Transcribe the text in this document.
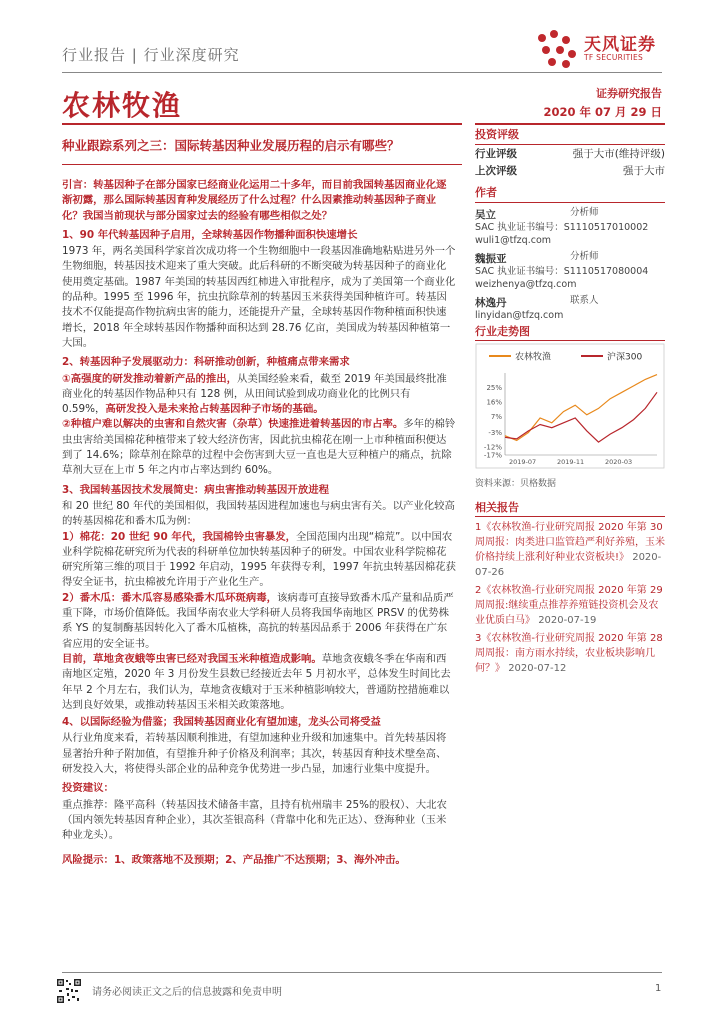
行业报告 | 行业深度研究	天风证券
TF SECURITIES
农林牧渔	证券研究报告
2020 年 07 月 29 日
种业跟踪系列之三：国际转基因种业发展历程的启示有哪些？

引言：转基因种子在部分国家已经商业化运用二十多年，而目前我国转基因商业化逐渐初露，那么国际转基因育种发展经历了什么过程？什么因素推动转基因种子商业化？我国当前现状与部分国家过去的经验有哪些相似之处？

1、90 年代转基因种子启用，全球转基因作物播种面积快速增长

1973 年，两名美国科学家首次成功将一个生物细胞中一段基因准确地粘贴进另外一个生物细胞，转基因技术迎来了重大突破。此后科研的不断突破为转基因种子的商业化使用奠定基础。1987 年美国的转基因西红柿进入审批程序，成为了美国第一个商业化的品种。1995 至 1996 年，抗虫抗除草剂的转基因玉米获得美国种植许可。转基因技术不仅能提高作物抗病虫害的能力，还能提升产量，全球转基因作物种植面积快速增长，2018 年全球转基因作物播种面积达到 28.76 亿亩，美国成为转基因种植第一大国。

2、转基因种子发展驱动力：科研推动创新，种植痛点带来需求

①高强度的研发推动着新产品的推出，从美国经验来看，截至 2019 年美国最终批准商业化的转基因作物品种只有 128 例，从田间试验到成功商业化的比例只有 0.59%，高研发投入是未来抢占转基因种子市场的基础。

②种植户难以解决的虫害和自然灾害（杂草）快速推进着转基因的市占率。多年的棉铃虫虫害给美国棉花种植带来了较大经济伤害，因此抗虫棉花在刚一上市种植面积便达到了 14.6%；除草剂在除草的过程中会伤害到大豆一直也是大豆种植户的痛点，抗除草剂大豆在上市 5 年之内市占率达到约 60%。

3、我国转基因技术发展简史：病虫害推动转基因开放进程

和 20 世纪 80 年代的美国相似，我国转基因进程加速也与病虫害有关。以产业化较高的转基因棉花和番木瓜为例：

1）棉花：20 世纪 90 年代，我国棉铃虫害暴发，全国范围内出现“棉荒”。以中国农业科学院棉花研究所为代表的科研单位加快转基因种子的研发。中国农业科学院棉花研究所第三维的项目于 1992 年启动，1995 年获得专利，1997 年抗虫转基因棉花获得安全证书，抗虫棉被允许用于产业化生产。

2）番木瓜：番木瓜容易感染番木瓜环斑病毒，该病毒可直接导致番木瓜产量和品质严重下降，市场价值降低。我国华南农业大学科研人员将我国华南地区 PRSV 的优势株系 YS 的复制酶基因转化入了番木瓜植株，高抗的转基因品系于 2006 年获得在广东省应用的安全证书。

目前，草地贪夜蛾等虫害已经对我国玉米种植造成影响。草地贪夜蛾冬季在华南和西南地区定殖，2020 年 3 月份发生县数已经接近去年 5 月初水平，总体发生时间比去年早 2 个月左右，我们认为，草地贪夜蛾对于玉米种植影响较大，普通防控措施难以达到良好效果，或推动转基因玉米相关政策落地。

4、以国际经验为借鉴；我国转基因商业化有望加速，龙头公司将受益

从行业角度来看，若转基因顺利推进，有望加速种业升级和加速集中。首先转基因将显著抬升种子附加值，有望推升种子价格及利润率；其次，转基因育种技术壁垒高、研发投入大，将使得头部企业的品种竞争优势进一步凸显，加速行业集中度提升。

投资建议：

重点推荐：隆平高科（转基因技术储备丰富，且持有杭州瑞丰 25%的股权）、大北农（国内领先转基因育种企业），其次荃银高科（背靠中化和先正达）、登海种业（玉米种业龙头）。

风险提示：1、政策落地不及预期；2、产品推广不达预期；3、海外冲击。

投资评级
行业评级	强于大市(维持评级)
上次评级	强于大市
作者
吴立	分析师
SAC 执业证书编号：S1110517010002
wuli1@tfzq.com
魏振亚	分析师
SAC 执业证书编号：S1110517080004
weizhenya@tfzq.com
林逸丹	联系人
linyidan@tfzq.com
行业走势图
农林牧渔	沪深300
25%
16%
7%
-3%
-12%
-17%
2019-07	2019-11	2020-03
资料来源：贝格数据
相关报告
1《农林牧渔-行业研究周报 2020 年第 30 周周报：肉类进口监管趋严利好养殖，玉米价格持续上涨利好种业农资板块!》 2020-07-26
2《农林牧渔-行业研究周报 2020 年第 29 周周报:继续重点推荐养殖链投资机会及农业优质白马》 2020-07-19
3《农林牧渔-行业研究周报 2020 年第 28 周周报：南方雨水持续，农业板块影响几何？》 2020-07-12
请务必阅读正文之后的信息披露和免责申明	1
